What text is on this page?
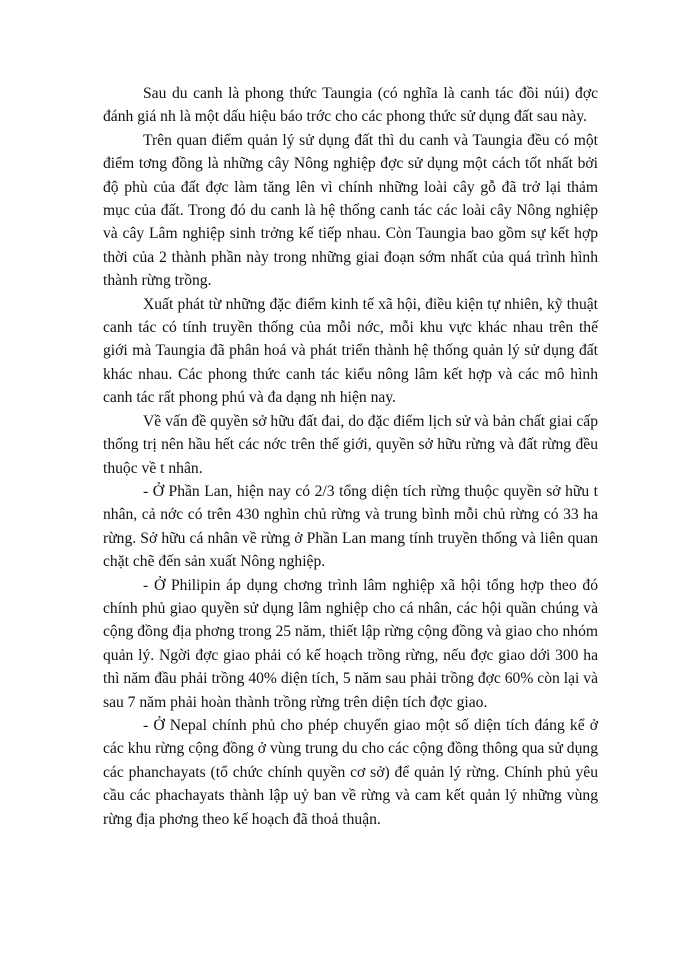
Sau du canh là phong thức Taungia (có nghĩa là canh tác đồi núi) đợc đánh giá nh là một dấu hiệu báo trớc cho các phong thức sử dụng đất sau này.

Trên quan điểm quản lý sử dụng đất thì du canh và Taungia đều có một điểm tơng đồng là những cây Nông nghiệp đợc sử dụng một cách tốt nhất bởi độ phù của đất đợc làm tăng lên vì chính những loài cây gỗ đã trở lại thảm mục của đất. Trong đó du canh là hệ thống canh tác các loài cây Nông nghiệp và cây Lâm nghiệp sinh trởng kế tiếp nhau. Còn Taungia bao gồm sự kết hợp thời của 2 thành phần này trong những giai đoạn sớm nhất của quá trình hình thành rừng trồng.

Xuất phát từ những đặc điểm kinh tế xã hội, điều kiện tự nhiên, kỹ thuật canh tác có tính truyền thống của mỗi nớc, mỗi khu vực khác nhau trên thế giới mà Taungia đã phân hoá và phát triển thành hệ thống quản lý sử dụng đất khác nhau. Các phong thức canh tác kiểu nông lâm kết hợp và các mô hình canh tác rất phong phú và đa dạng nh hiện nay.

Về vấn đề quyền sở hữu đất đai, do đặc điểm lịch sử và bản chất giai cấp thống trị nên hầu hết các nớc trên thế giới, quyền sở hữu rừng và đất rừng đều thuộc về t nhân.

- Ở Phần Lan, hiện nay có 2/3 tổng diện tích rừng thuộc quyền sở hữu t nhân, cả nớc có trên 430 nghìn chủ rừng và trung bình mỗi chủ rừng có 33 ha rừng. Sở hữu cá nhân về rừng ở Phần Lan mang tính truyền thống và liên quan chặt chẽ đến sản xuất Nông nghiệp.

- Ở Philipin áp dụng chơng trình lâm nghiệp xã hội tổng hợp theo đó chính phủ giao quyền sử dụng lâm nghiệp cho cá nhân, các hội quần chúng và cộng đồng địa phơng trong 25 năm, thiết lập rừng cộng đồng và giao cho nhóm quản lý. Ngời đợc giao phải có kế hoạch trồng rừng, nếu đợc giao dới 300 ha thì năm đầu phải trồng 40% diện tích, 5 năm sau phải trồng đợc 60% còn lại và sau 7 năm phải hoàn thành trồng rừng trên diện tích đợc giao.

- Ở Nepal chính phủ cho phép chuyển giao một số diện tích đáng kể ở các khu rừng cộng đồng ở vùng trung du cho các cộng đồng thông qua sử dụng các phanchayats (tổ chức chính quyền cơ sở) để quản lý rừng. Chính phủ yêu cầu các phachayats thành lập uỷ ban về rừng và cam kết quản lý những vùng rừng địa phơng theo kế hoạch đã thoả thuận.
